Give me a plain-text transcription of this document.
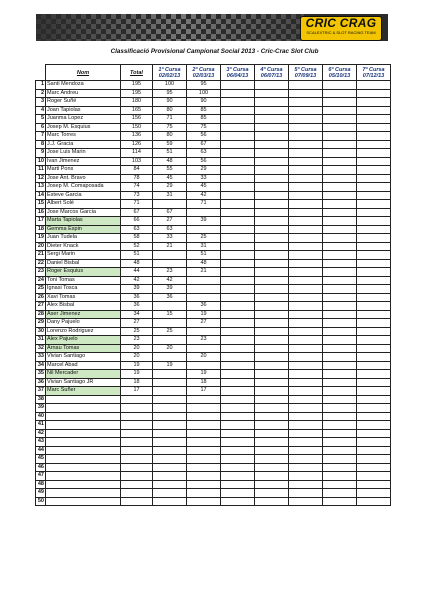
CRIC CRAG
SCALEXTRIC & SLOT RACING TEAM
Classificació Provisional Campionat Social 2013 - Cric-Crac Slot Club
	Nom	Total	1ª Cursa
02/02/13	2ª Cursa
02/03/13	3ª Cursa
06/04/13	4ª Cursa
06/07/13	5ª Cursa
07/09/13	6ª Cursa
05/10/13	7ª Cursa
07/12/13
1	Santi Mendoza	195	100	95					
2	Marc Andreu	195	95	100					
3	Roger Suñé	180	90	90					
4	Joan Tapiolas	165	80	85					
5	Juanma Lopez	156	71	85					
6	Josep M. Esquius	150	75	75					
7	Marc Torres	136	80	56					
8	J.J. Gracia	126	59	67					
9	Jose Luis Marin	114	51	63					
10	Ivan Jimenez	103	48	56					
11	Marti Pons	84	55	29					
12	Jose Ant. Bravo	78	45	33					
13	Josep M. Comaposada	74	29	45					
14	Esteve Garcia	73	31	42					
15	Albert Solé	71		71					
16	Jose Marcos Garcia	67	67						
17	Marta Tapiolas	66	27	39					
18	Gemma Espin	63	63						
19	Juan Tudela	58	33	25					
20	Dieter Knack	52	21	31					
21	Sergi Marin	51		51					
22	Daniel Bisbal	48		48					
23	Roger Esquius	44	23	21					
24	Toni Tomas	42	42						
25	Ignasi Tosca	39	39						
26	Xavi Tomas	36	36						
27	Alex Bisbal	36		36					
28	Aser Jimenez	34	15	19					
29	Dany Pajuelo	27		27					
30	Lorenzo Rodriguez	25	25						
31	Alex Pajuelo	23		23					
32	Arnau Tomas	20	20						
33	Vivian Santiago	20		20					
34	Marcel Abad	19	19						
35	Nil Mercader	19		19					
36	Vivian Santiago JR	18		18					
37	Marc Suñer	17		17					
38									
39									
40									
41									
42									
43									
44									
45									
46									
47									
48									
49									
50									
